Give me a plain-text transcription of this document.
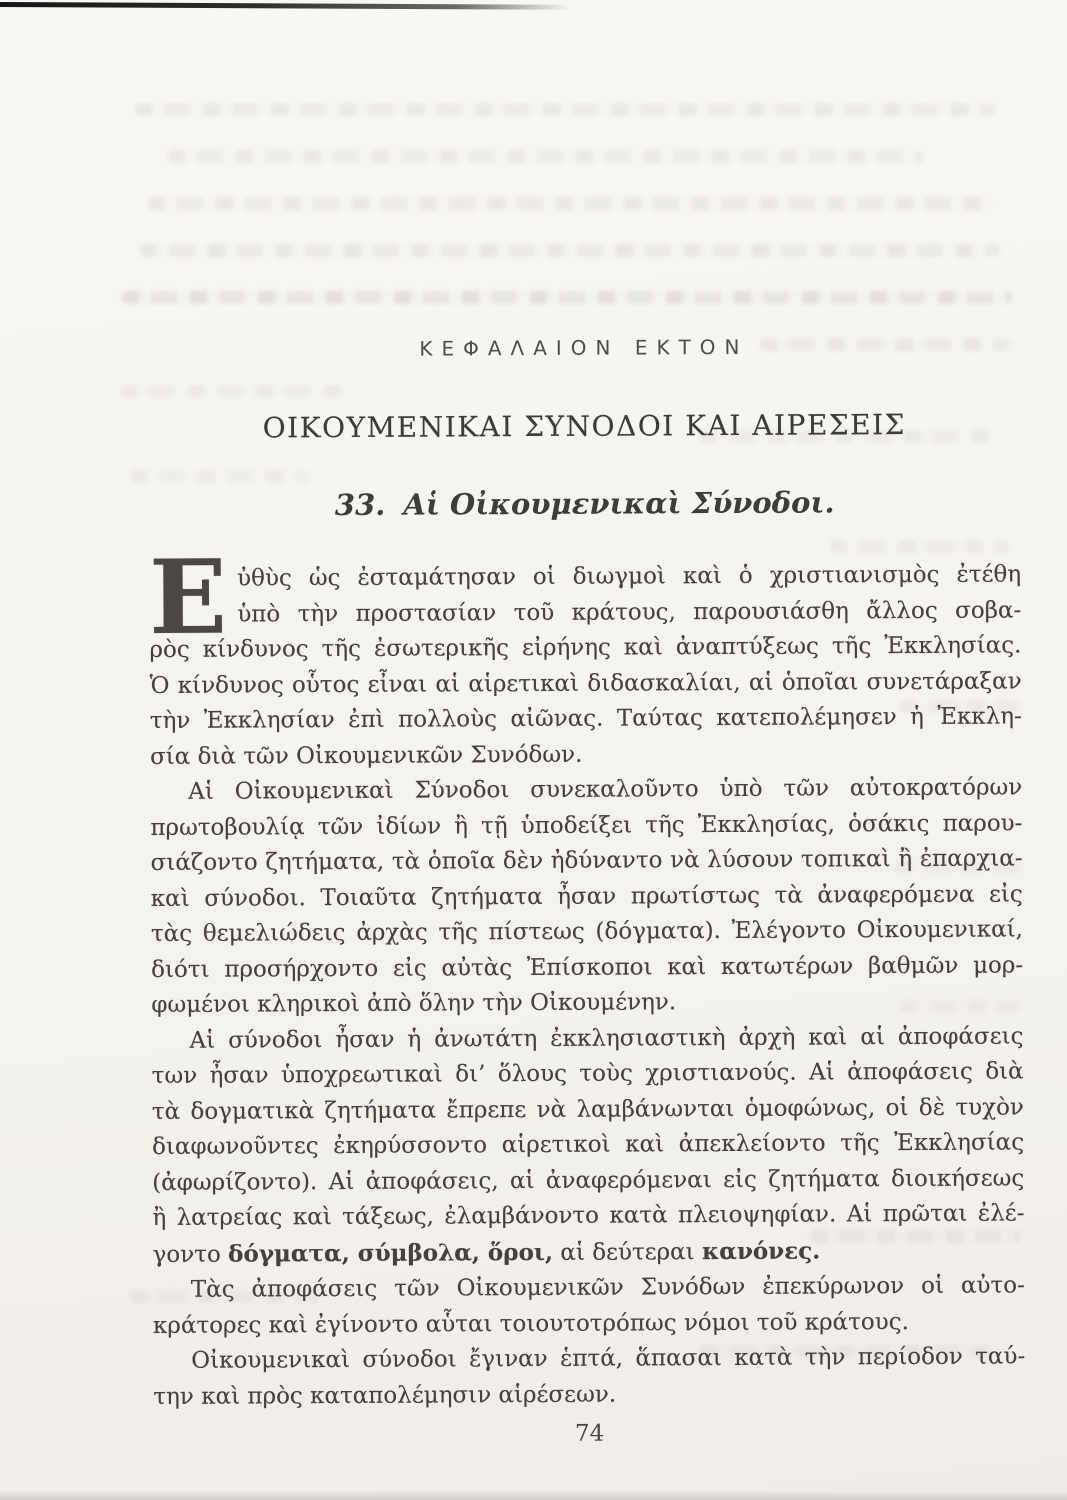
ΚΕΦΑΛΑΙΟΝ ΕΚΤΟΝ
ΟΙΚΟΥΜΕΝΙΚΑΙ ΣΥΝΟΔΟΙ ΚΑΙ ΑΙΡΕΣΕΙΣ
33. Αἱ Οἰκουμενικαὶ Σύνοδοι.
Ε ὐθὺς ὡς ἐσταμάτησαν οἱ διωγμοὶ καὶ ὁ χριστιανισμὸς ἐτέθη
ὑπὸ τὴν προστασίαν τοῦ κράτους, παρουσιάσθη ἄλλος σοβα-
ρὸς κίνδυνος τῆς ἐσωτερικῆς εἰρήνης καὶ ἀναπτύξεως τῆς Ἐκκλησίας.
Ὁ κίνδυνος οὗτος εἶναι αἱ αἱρετικαὶ διδασκαλίαι, αἱ ὁποῖαι συνετάραξαν
τὴν Ἐκκλησίαν ἐπὶ πολλοὺς αἰῶνας. Ταύτας κατεπολέμησεν ἡ Ἐκκλη-
σία διὰ τῶν Οἰκουμενικῶν Συνόδων.
Αἱ Οἰκουμενικαὶ Σύνοδοι συνεκαλοῦντο ὑπὸ τῶν αὐτοκρατόρων
πρωτοβουλίᾳ τῶν ἰδίων ἢ τῇ ὑποδείξει τῆς Ἐκκλησίας, ὁσάκις παρου-
σιάζοντο ζητήματα, τὰ ὁποῖα δὲν ἠδύναντο νὰ λύσουν τοπικαὶ ἢ ἐπαρχια-
καὶ σύνοδοι. Τοιαῦτα ζητήματα ἦσαν πρωτίστως τὰ ἀναφερόμενα εἰς
τὰς θεμελιώδεις ἀρχὰς τῆς πίστεως (δόγματα). Ἐλέγοντο Οἰκουμενικαί,
διότι προσήρχοντο εἰς αὐτὰς Ἐπίσκοποι καὶ κατωτέρων βαθμῶν μορ-
φωμένοι κληρικοὶ ἀπὸ ὅλην τὴν Οἰκουμένην.
Αἱ σύνοδοι ἦσαν ἡ ἀνωτάτη ἐκκλησιαστικὴ ἀρχὴ καὶ αἱ ἀποφάσεις
των ἦσαν ὑποχρεωτικαὶ δι’ ὅλους τοὺς χριστιανούς. Αἱ ἀποφάσεις διὰ
τὰ δογματικὰ ζητήματα ἔπρεπε νὰ λαμβάνωνται ὁμοφώνως, οἱ δὲ τυχὸν
διαφωνοῦντες ἐκηρύσσοντο αἱρετικοὶ καὶ ἀπεκλείοντο τῆς Ἐκκλησίας
(ἀφωρίζοντο). Αἱ ἀποφάσεις, αἱ ἀναφερόμεναι εἰς ζητήματα διοικήσεως
ἢ λατρείας καὶ τάξεως, ἐλαμβάνοντο κατὰ πλειοψηφίαν. Αἱ πρῶται ἐλέ-
γοντο δόγματα, σύμβολα, ὅροι, αἱ δεύτεραι κανόνες.
Τὰς ἀποφάσεις τῶν Οἰκουμενικῶν Συνόδων ἐπεκύρωνον οἱ αὐτο-
κράτορες καὶ ἐγίνοντο αὗται τοιουτοτρόπως νόμοι τοῦ κράτους.
Οἰκουμενικαὶ σύνοδοι ἔγιναν ἑπτά, ἅπασαι κατὰ τὴν περίοδον ταύ-
την καὶ πρὸς καταπολέμησιν αἱρέσεων.
74
